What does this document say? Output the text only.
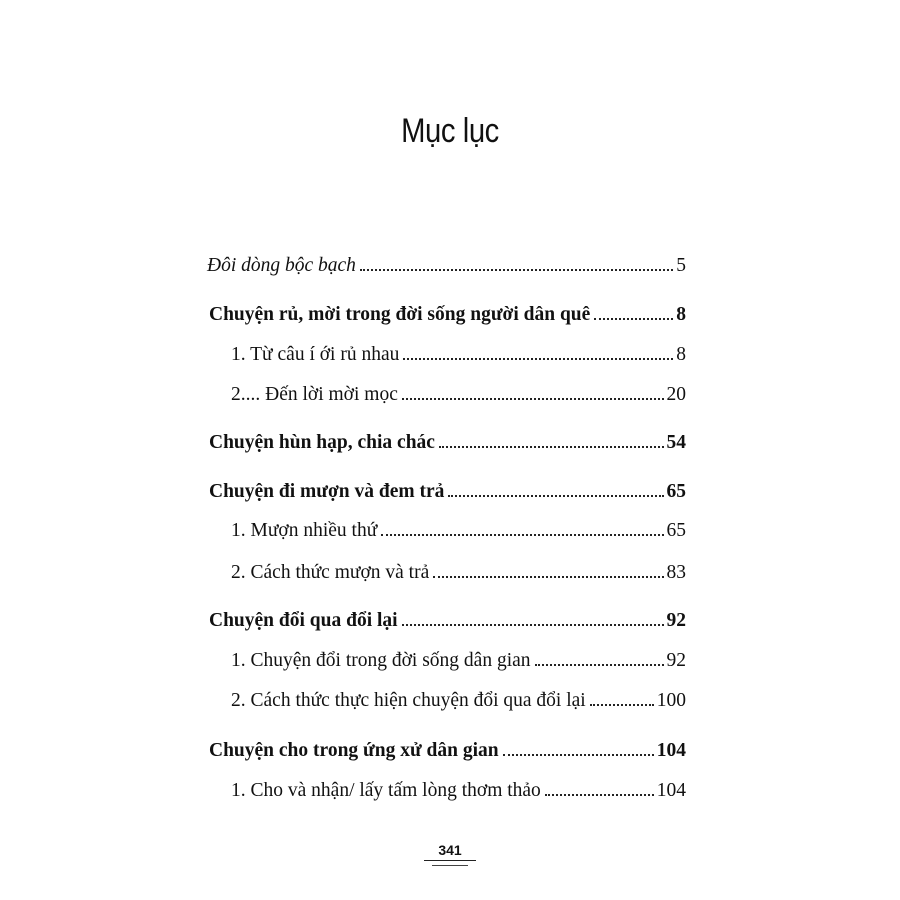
Mục lục
Đôi dòng bộc bạch	5
Chuyện rủ, mời trong đời sống người dân quê	8
1. Từ câu í ới rủ nhau	8
2.... Đến lời mời mọc	20
Chuyện hùn hạp, chia chác	54
Chuyện đi mượn và đem trả	65
1. Mượn nhiều thứ	65
2. Cách thức mượn và trả	83
Chuyện đổi qua đổi lại	92
1. Chuyện đổi trong đời sống dân gian	92
2. Cách thức thực hiện chuyện đổi qua đổi lại	100
Chuyện cho trong ứng xử dân gian	104
1. Cho và nhận/ lấy tấm lòng thơm thảo	104
341
